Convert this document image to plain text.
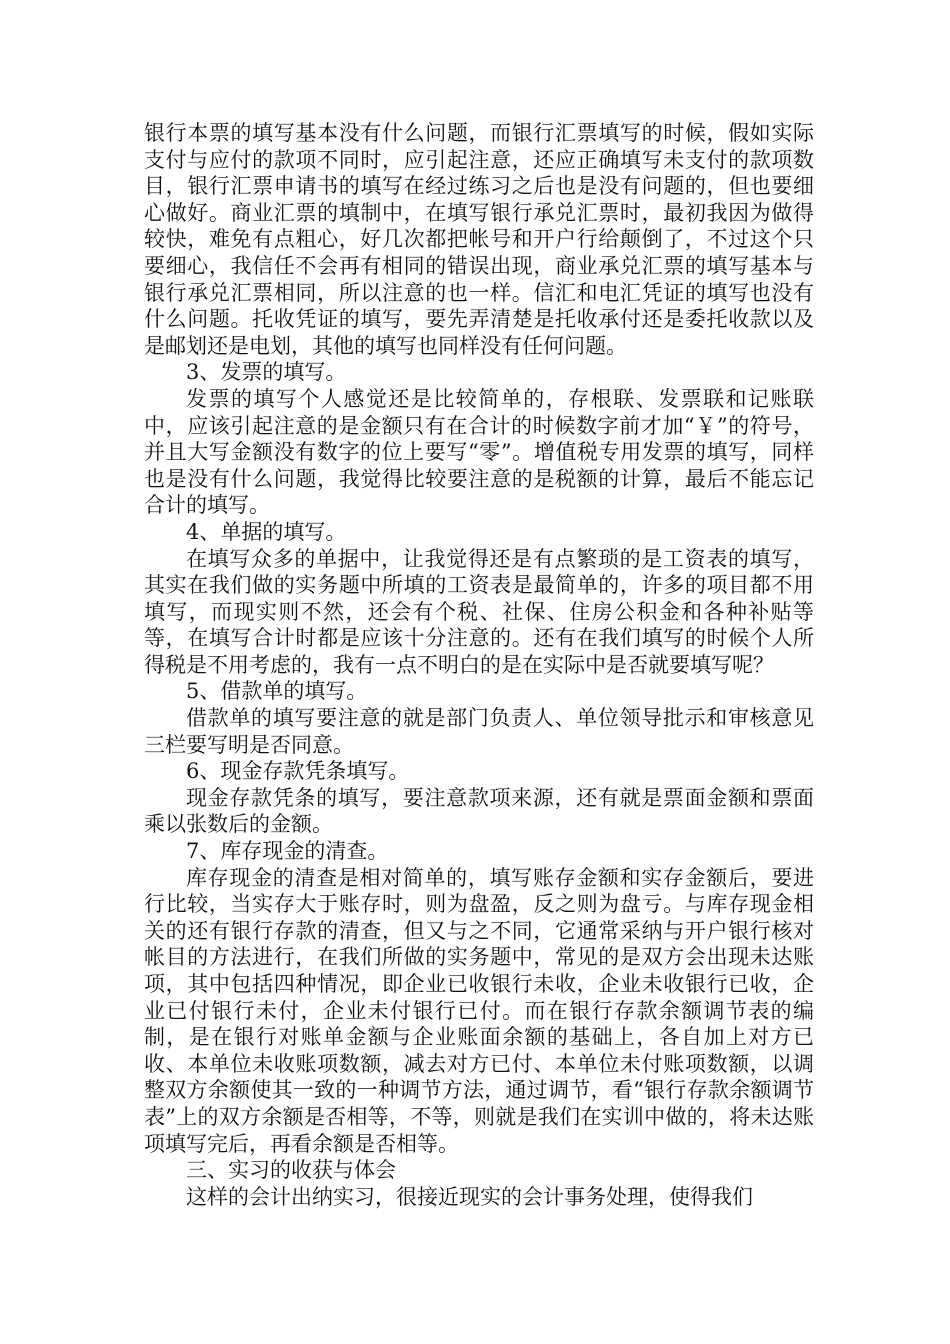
银行本票的填写基本没有什么问题，而银行汇票填写的时候，假如实际支付与应付的款项不同时，应引起注意，还应正确填写未支付的款项数目，银行汇票申请书的填写在经过练习之后也是没有问题的，但也要细心做好。商业汇票的填制中，在填写银行承兑汇票时，最初我因为做得较快，难免有点粗心，好几次都把帐号和开户行给颠倒了，不过这个只要细心，我信任不会再有相同的错误出现，商业承兑汇票的填写基本与银行承兑汇票相同，所以注意的也一样。信汇和电汇凭证的填写也没有什么问题。托收凭证的填写，要先弄清楚是托收承付还是委托收款以及是邮划还是电划，其他的填写也同样没有任何问题。

3、发票的填写。

发票的填写个人感觉还是比较简单的，存根联、发票联和记账联中，应该引起注意的是金额只有在合计的时候数字前才加“￥”的符号，并且大写金额没有数字的位上要写“零”。增值税专用发票的填写，同样也是没有什么问题，我觉得比较要注意的是税额的计算，最后不能忘记合计的填写。

4、单据的填写。

在填写众多的单据中，让我觉得还是有点繁琐的是工资表的填写，其实在我们做的实务题中所填的工资表是最简单的，许多的项目都不用填写，而现实则不然，还会有个税、社保、住房公积金和各种补贴等等，在填写合计时都是应该十分注意的。还有在我们填写的时候个人所得税是不用考虑的，我有一点不明白的是在实际中是否就要填写呢？

5、借款单的填写。

借款单的填写要注意的就是部门负责人、单位领导批示和审核意见三栏要写明是否同意。

6、现金存款凭条填写。

现金存款凭条的填写，要注意款项来源，还有就是票面金额和票面乘以张数后的金额。

7、库存现金的清查。

库存现金的清查是相对简单的，填写账存金额和实存金额后，要进行比较，当实存大于账存时，则为盘盈，反之则为盘亏。与库存现金相关的还有银行存款的清查，但又与之不同，它通常采纳与开户银行核对帐目的方法进行，在我们所做的实务题中，常见的是双方会出现未达账项，其中包括四种情况，即企业已收银行未收，企业未收银行已收，企业已付银行未付，企业未付银行已付。而在银行存款余额调节表的编制，是在银行对账单金额与企业账面余额的基础上，各自加上对方已收、本单位未收账项数额，减去对方已付、本单位未付账项数额，以调整双方余额使其一致的一种调节方法，通过调节，看“银行存款余额调节表”上的双方余额是否相等，不等，则就是我们在实训中做的，将未达账项填写完后，再看余额是否相等。

三、实习的收获与体会

这样的会计出纳实习，很接近现实的会计事务处理，使得我们
